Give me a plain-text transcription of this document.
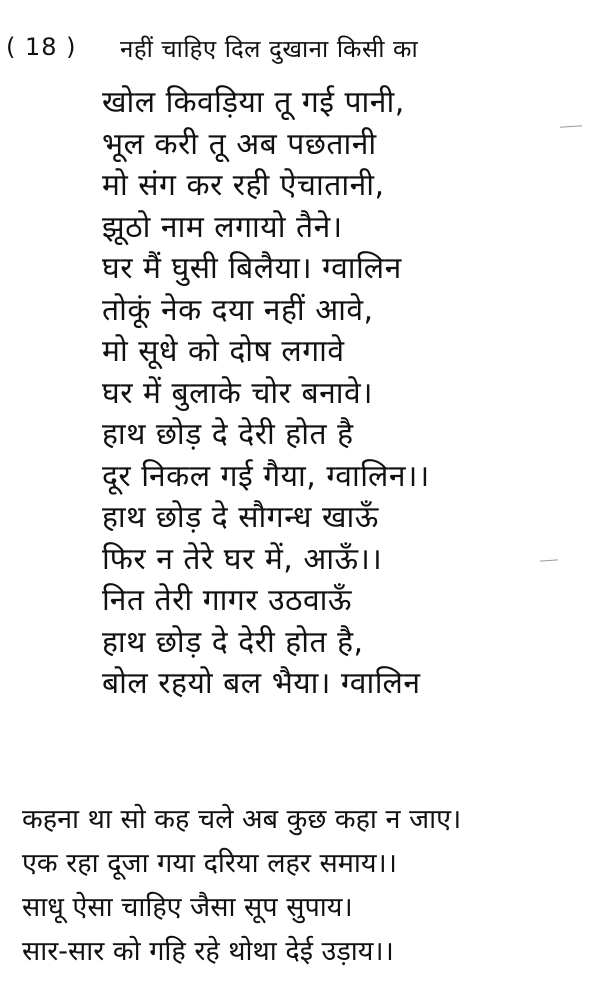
( 18 ) नहीं चाहिए दिल दुखाना किसी का
खोल किवड़िया तू गई पानी,
भूल करी तू अब पछतानी
मो संग कर रही ऐचातानी,
झूठो नाम लगायो तैने।
घर मैं घुसी बिलैया। ग्वालिन
तोकूं नेक दया नहीं आवे,
मो सूधे को दोष लगावे
घर में बुलाके चोर बनावे।
हाथ छोड़ दे देरी होत है
दूर निकल गई गैया, ग्वालिन।।
हाथ छोड़ दे सौगन्ध खाऊँ
फिर न तेरे घर में, आऊँ।।
नित तेरी गागर उठवाऊँ
हाथ छोड़ दे देरी होत है,
बोल रहयो बल भैया। ग्वालिन
कहना था सो कह चले अब कुछ कहा न जाए।
एक रहा दूजा गया दरिया लहर समाय।।
साधू ऐसा चाहिए जैसा सूप सुपाय।
सार-सार को गहि रहे थोथा देई उड़ाय।।
